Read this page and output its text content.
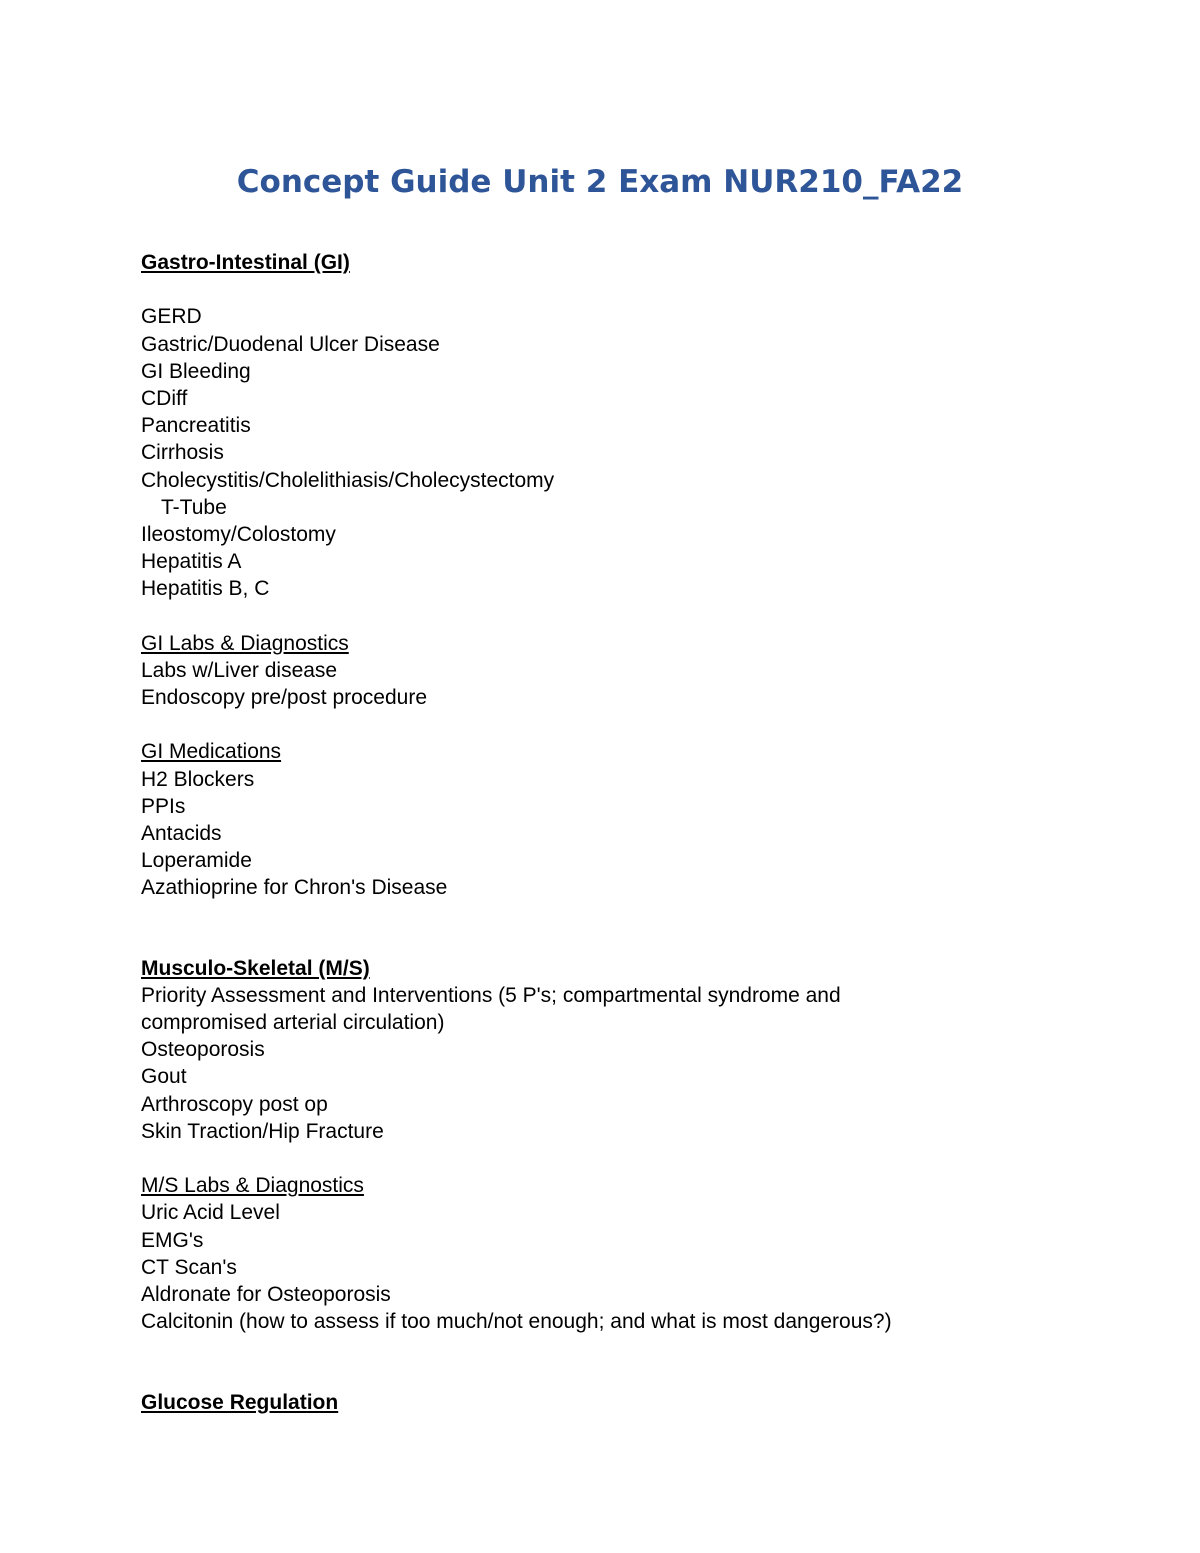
Concept Guide Unit 2 Exam NUR210_FA22
Gastro-Intestinal (GI)
GERD
Gastric/Duodenal Ulcer Disease
GI Bleeding
CDiff
Pancreatitis
Cirrhosis
Cholecystitis/Cholelithiasis/Cholecystectomy
T-Tube
Ileostomy/Colostomy
Hepatitis A
Hepatitis B, C
GI Labs & Diagnostics
Labs w/Liver disease
Endoscopy pre/post procedure
GI Medications
H2 Blockers
PPIs
Antacids
Loperamide
Azathioprine for Chron's Disease
Musculo-Skeletal (M/S)
Priority Assessment and Interventions (5 P's; compartmental syndrome and compromised arterial circulation)
Osteoporosis
Gout
Arthroscopy post op
Skin Traction/Hip Fracture
M/S Labs & Diagnostics
Uric Acid Level
EMG's
CT Scan's
Aldronate for Osteoporosis
Calcitonin (how to assess if too much/not enough; and what is most dangerous?)
Glucose Regulation
